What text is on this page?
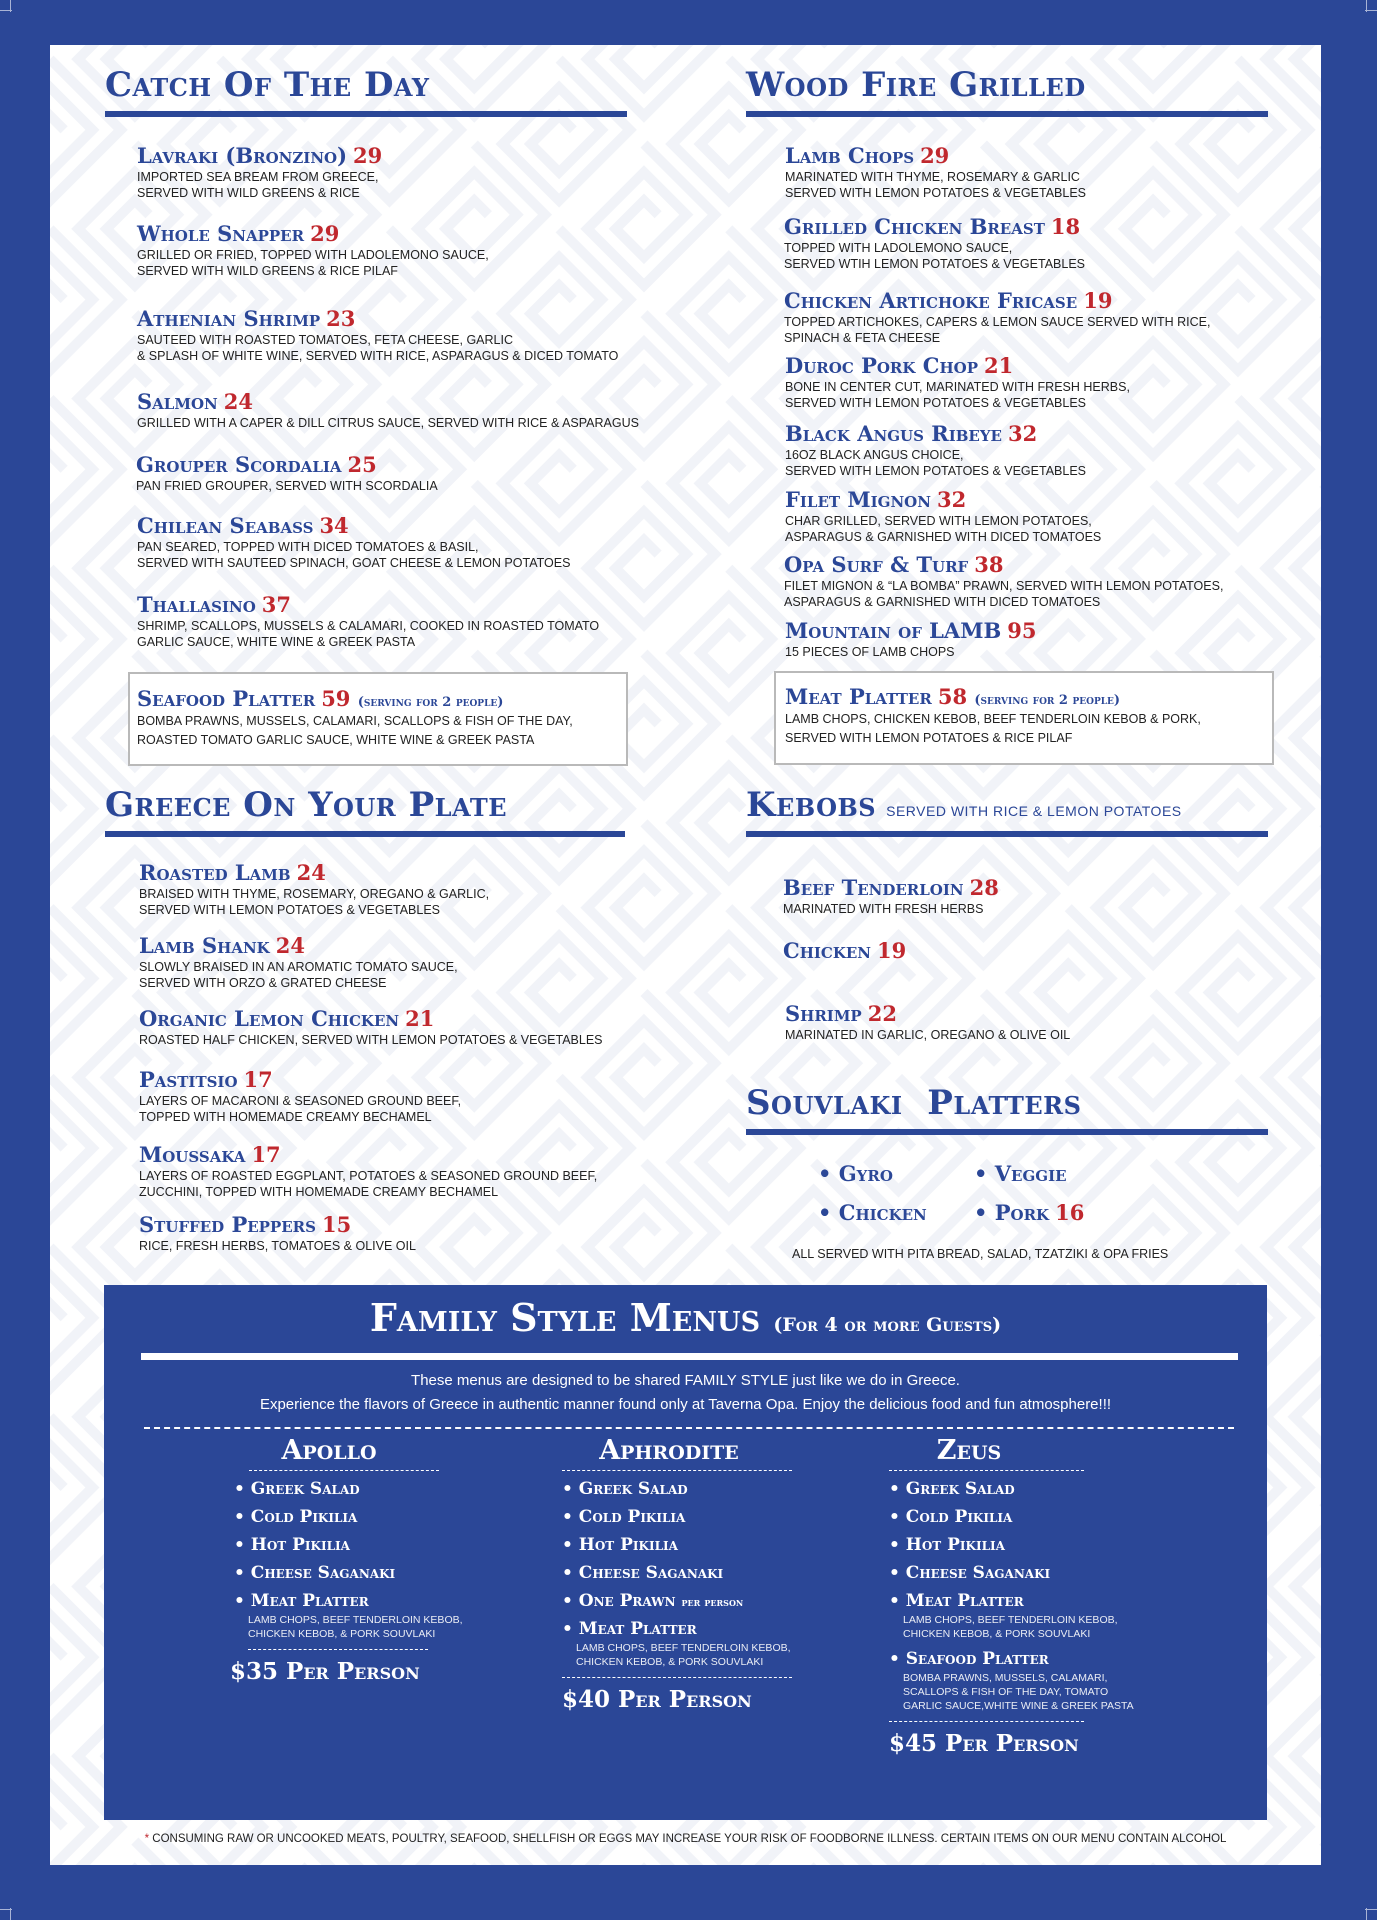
Catch Of The Day
Lavraki (Bronzino) 29
IMPORTED SEA BREAM FROM GREECE,
SERVED WITH WILD GREENS & RICE
Whole Snapper 29
GRILLED OR FRIED, TOPPED WITH LADOLEMONO SAUCE,
SERVED WITH WILD GREENS & RICE PILAF
Athenian Shrimp 23
SAUTEED WITH ROASTED TOMATOES, FETA CHEESE, GARLIC
& SPLASH OF WHITE WINE, SERVED WITH RICE, ASPARAGUS & DICED TOMATO
Salmon 24
GRILLED WITH A CAPER & DILL CITRUS SAUCE, SERVED WITH RICE & ASPARAGUS
Grouper Scordalia 25
PAN FRIED GROUPER, SERVED WITH SCORDALIA
Chilean Seabass 34
PAN SEARED, TOPPED WITH DICED TOMATOES & BASIL,
SERVED WITH SAUTEED SPINACH, GOAT CHEESE & LEMON POTATOES
Thallasino 37
SHRIMP, SCALLOPS, MUSSELS & CALAMARI, COOKED IN ROASTED TOMATO
GARLIC SAUCE, WHITE WINE & GREEK PASTA
Seafood Platter 59 (serving for 2 people)
BOMBA PRAWNS, MUSSELS, CALAMARI, SCALLOPS & FISH OF THE DAY,
ROASTED TOMATO GARLIC SAUCE, WHITE WINE & GREEK PASTA
Wood Fire Grilled
Lamb Chops 29
MARINATED WITH THYME, ROSEMARY & GARLIC
SERVED WITH LEMON POTATOES & VEGETABLES
Grilled Chicken Breast 18
TOPPED WITH LADOLEMONO SAUCE,
SERVED WTIH LEMON POTATOES & VEGETABLES
Chicken Artichoke Fricase 19
TOPPED ARTICHOKES, CAPERS & LEMON SAUCE SERVED WITH RICE,
SPINACH & FETA CHEESE
Duroc Pork Chop 21
BONE IN CENTER CUT, MARINATED WITH FRESH HERBS,
SERVED WITH LEMON POTATOES & VEGETABLES
Black Angus Ribeye 32
16OZ BLACK ANGUS CHOICE,
SERVED WITH LEMON POTATOES & VEGETABLES
Filet Mignon 32
CHAR GRILLED, SERVED WITH LEMON POTATOES,
ASPARAGUS & GARNISHED WITH DICED TOMATOES
Opa Surf & Turf 38
FILET MIGNON & “LA BOMBA” PRAWN, SERVED WITH LEMON POTATOES,
ASPARAGUS & GARNISHED WITH DICED TOMATOES
Mountain of LAMB 95
15 PIECES OF LAMB CHOPS
Meat Platter 58 (serving for 2 people)
LAMB CHOPS, CHICKEN KEBOB, BEEF TENDERLOIN KEBOB & PORK,
SERVED WITH LEMON POTATOES & RICE PILAF
Greece On Your Plate
Roasted Lamb 24
BRAISED WITH THYME, ROSEMARY, OREGANO & GARLIC,
SERVED WITH LEMON POTATOES & VEGETABLES
Lamb Shank 24
SLOWLY BRAISED IN AN AROMATIC TOMATO SAUCE,
SERVED WITH ORZO & GRATED CHEESE
Organic Lemon Chicken 21
ROASTED HALF CHICKEN, SERVED WITH LEMON POTATOES & VEGETABLES
Pastitsio 17
LAYERS OF MACARONI & SEASONED GROUND BEEF,
TOPPED WITH HOMEMADE CREAMY BECHAMEL
Moussaka 17
LAYERS OF ROASTED EGGPLANT, POTATOES & SEASONED GROUND BEEF,
ZUCCHINI, TOPPED WITH HOMEMADE CREAMY BECHAMEL
Stuffed Peppers 15
RICE, FRESH HERBS, TOMATOES & OLIVE OIL
Kebobs SERVED WITH RICE & LEMON POTATOES
Beef Tenderloin 28
MARINATED WITH FRESH HERBS
Chicken 19
Shrimp 22
MARINATED IN GARLIC, OREGANO & OLIVE OIL
Souvlaki  Platters
• Gyro	• Veggie
• Chicken • Pork 16
ALL SERVED WITH PITA BREAD, SALAD, TZATZIKI & OPA FRIES
Family Style Menus (For 4 or more Guests)
These menus are designed to be shared FAMILY STYLE just like we do in Greece.
Experience the flavors of Greece in authentic manner found only at Taverna Opa. Enjoy the delicious food and fun atmosphere!!!
Apollo
• Greek Salad
• Cold Pikilia
• Hot Pikilia
• Cheese Saganaki
• Meat Platter
LAMB CHOPS, BEEF TENDERLOIN KEBOB,
CHICKEN KEBOB, & PORK SOUVLAKI
$35 Per Person
Aphrodite
• Greek Salad
• Cold Pikilia
• Hot Pikilia
• Cheese Saganaki
• One Prawn per person
• Meat Platter
LAMB CHOPS, BEEF TENDERLOIN KEBOB,
CHICKEN KEBOB, & PORK SOUVLAKI
$40 Per Person
Zeus
• Greek Salad
• Cold Pikilia
• Hot Pikilia
• Cheese Saganaki
• Meat Platter
LAMB CHOPS, BEEF TENDERLOIN KEBOB,
CHICKEN KEBOB, & PORK SOUVLAKI
• Seafood Platter
BOMBA PRAWNS, MUSSELS, CALAMARI,
SCALLOPS & FISH OF THE DAY, TOMATO
GARLIC SAUCE,WHITE WINE & GREEK PASTA
$45 Per Person
* CONSUMING RAW OR UNCOOKED MEATS, POULTRY, SEAFOOD, SHELLFISH OR EGGS MAY INCREASE YOUR RISK OF FOODBORNE ILLNESS. CERTAIN ITEMS ON OUR MENU CONTAIN ALCOHOL
